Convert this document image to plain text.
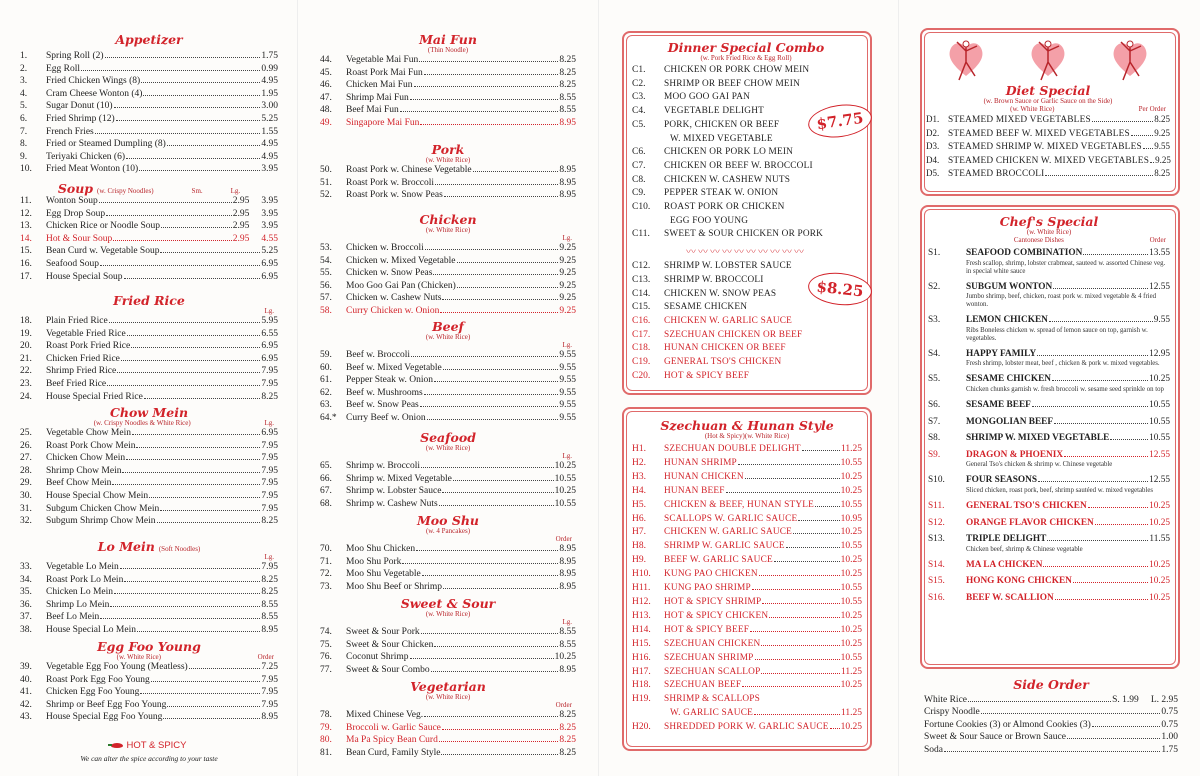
Appetizer
1.	Spring Roll (2)	1.75
2.	Egg Roll	0.99
3.	Fried Chicken Wings (8)	4.95
4.	Cram Cheese Wonton (4)	1.95
5.	Sugar Donut (10)	3.00
6.	Fried Shrimp (12)	5.25
7.	French Fries	1.55
8.	Fried or Steamed Dumpling (8)	4.95
9.	Teriyaki Chicken (6)	4.95
10.	Fried Meat Wonton (10)	3.95
Soup (w. Crispy Noodles)	Sm.	Lg.
11.	Wonton Soup	2.95 3.95
12.	Egg Drop Soup	2.95 3.95
13.	Chicken Rice or Noodle Soup	2.95 3.95
14.	Hot & Sour Soup	2.95 4.55
15.	Bean Curd w. Vegetable Soup	5.25
16.	Seafood Soup	6.95
17.	House Special Soup	6.95
Fried Rice
Lg.
18.	Plain Fried Rice	5.95
19.	Vegetable Fried Rice	6.55
20.	Roast Pork Fried Rice	6.95
21.	Chicken Fried Rice	6.95
22.	Shrimp Fried Rice	7.95
23.	Beef Fried Rice	7.95
24.	House Special Fried Rice	8.25
Chow Mein
(w. Crispy Noodles & White Rice)	Lg.
25.	Vegetable Chow Mein	6.95
26.	Roast Pork Chow Mein	7.95
27.	Chicken Chow Mein	7.95
28.	Shrimp Chow Mein	7.95
29.	Beef Chow Mein	7.95
30.	House Special Chow Mein	7.95
31.	Subgum Chicken Chow Mein	7.95
32.	Subgum Shrimp Chow Mein	8.25
Lo Mein (Soft Noodles)
Lg.
33.	Vegetable Lo Mein	7.95
34.	Roast Pork Lo Mein	8.25
35.	Chicken Lo Mein	8.25
36.	Shrimp Lo Mein	8.55
37.	Beef Lo Mein	8.55
38.	House Special Lo Mein	8.95
Egg Foo Young
(w. White Rice)	Order
39.	Vegetable Egg Foo Young (Meatless)	7.25
40.	Roast Pork Egg Foo Young	7.95
41.	Chicken Egg Foo Young	7.95
42.	Shrimp or Beef Egg Foo Young	7.95
43.	House Special Egg Foo Young	8.95
HOT & SPICY
We can alter the spice according to your taste
Mai Fun
(Thin Noodle)
44.	Vegetable Mai Fun	8.25
45.	Roast Pork Mai Fun	8.25
46.	Chicken Mai Fun	8.25
47.	Shrimp Mai Fun	8.55
48.	Beef Mai Fun	8.55
49.	Singapore Mai Fun	8.95
Pork
(w. White Rice)
50.	Roast Pork w. Chinese Vegetable	8.95
51.	Roast Pork w. Broccoli	8.95
52.	Roast Pork w. Snow Peas	8.95
Chicken
(w. White Rice)
Lg.
53.	Chicken w. Broccoli	9.25
54.	Chicken w. Mixed Vegetable	9.25
55.	Chicken w. Snow Peas	9.25
56.	Moo Goo Gai Pan (Chicken)	9.25
57.	Chicken w. Cashew Nuts	9.25
58.	Curry Chicken w. Onion	9.25
Beef
(w. White Rice)
Lg.
59.	Beef w. Broccoli	9.55
60.	Beef w. Mixed Vegetable	9.55
61.	Pepper Steak w. Onion	9.55
62.	Beef w. Mushrooms	9.55
63.	Beef w. Snow Peas	9.55
64.* Curry Beef w. Onion	9.55
Seafood
(w. White Rice)
Lg.
65.	Shrimp w. Broccoli	10.25
66.	Shrimp w. Mixed Vegetable	10.55
67.	Shrimp w. Lobster Sauce	10.25
68.	Shrimp w. Cashew Nuts	10.55
Moo Shu
(w. 4 Pancakes)
Order
70.	Moo Shu Chicken	8.95
71.	Moo Shu Pork	8.95
72.	Moo Shu Vegetable	8.95
73.	Moo Shu Beef or Shrimp	8.95
Sweet & Sour
(w. White Rice)
Lg.
74.	Sweet & Sour Pork	8.55
75.	Sweet & Sour Chicken	8.55
76.	Coconut Shrimp	10.25
77.	Sweet & Sour Combo	8.95
Vegetarian
(w. White Rice)
Order
78.	Mixed Chinese Veg.	8.25
79.	Broccoli w. Garlic Sauce	8.25
80.	Ma Pa Spicy Bean Curd	8.25
81.	Bean Curd, Family Style	8.25
Dinner Special Combo
(w. Pork Fried Rice & Egg Roll)
C1.	CHICKEN OR PORK CHOW MEIN
C2.	SHRIMP OR BEEF CHOW MEIN
C3.	MOO GOO GAI PAN
C4.	VEGETABLE DELIGHT
C5.	PORK, CHICKEN OR BEEF
W. MIXED VEGETABLE
C6.	CHICKEN OR PORK LO MEIN
C7.	CHICKEN OR BEEF W. BROCCOLI
C8.	CHICKEN W. CASHEW NUTS
C9.	PEPPER STEAK W. ONION
C10.	ROAST PORK OR CHICKEN
EGG FOO YOUNG
C11.	SWEET & SOUR CHICKEN OR PORK
〰〰〰〰〰〰〰〰〰〰
C12.	SHRIMP W. LOBSTER SAUCE
C13.	SHRIMP W. BROCCOLI
C14.	CHICKEN W. SNOW PEAS
C15.	SESAME CHICKEN
C16.	CHICKEN W. GARLIC SAUCE
C17.	SZECHUAN CHICKEN OR BEEF
C18.	HUNAN CHICKEN OR BEEF
C19.	GENERAL TSO'S CHICKEN
C20.	HOT & SPICY BEEF
$7.75
$8.25
Szechuan & Hunan Style
(Hot & Spicy)(w. White Rice)
H1.	SZECHUAN DOUBLE DELIGHT	11.25
H2.	HUNAN SHRIMP	10.55
H3.	HUNAN CHICKEN	10.25
H4.	HUNAN BEEF	10.25
H5.	CHICKEN & BEEF, HUNAN STYLE	10.55
H6.	SCALLOPS W. GARLIC SAUCE	10.95
H7.	CHICKEN W. GARLIC SAUCE	10.25
H8.	SHRIMP W. GARLIC SAUCE	10.55
H9.	BEEF W. GARLIC SAUCE	10.25
H10.	KUNG PAO CHICKEN	10.25
H11.	KUNG PAO SHRIMP	10.55
H12.	HOT & SPICY SHRIMP	10.55
H13.	HOT & SPICY CHICKEN	10.25
H14.	HOT & SPICY BEEF	10.25
H15.	SZECHUAN CHICKEN	10.25
H16.	SZECHUAN SHRIMP	10.55
H17.	SZECHUAN SCALLOP	11.25
H18.	SZECHUAN BEEF	10.25
H19.	SHRIMP & SCALLOPS
W. GARLIC SAUCE	11.25
H20.	SHREDDED PORK W. GARLIC SAUCE 10.25
Diet Special
(w. Brown Sauce or Garlic Sauce on the Side)
(w. White Rice)	Per Order
D1. STEAMED MIXED VEGETABLES	8.25
D2. STEAMED BEEF W. MIXED VEGETABLES	9.25
D3. STEAMED SHRIMP W. MIXED VEGETABLES 9.55
D4. STEAMED CHICKEN W. MIXED VEGETABLES 9.25
D5. STEAMED BROCCOLI	8.25
Chef's Special
(w. White Rice)
Cantonese Dishes	Order
S1.	SEAFOOD COMBINATION	13.55
Fresh scallop, shrimp, lobster crabmeat, sauteed w. assorted Chinese veg. in special white sauce
S2.	SUBGUM WONTON	12.55
Jumbo shrimp, beef, chicken, roast pork w. mixed vegetable & 4 fried wonton.
S3.	LEMON CHICKEN	9.55
Ribs Boneless chicken w. spread of lemon sauce on top, garnish w. vegetables.
S4.	HAPPY FAMILY	12.95
Fresh shrimp, lobster meat, beef , chicken & pork w. mixed vegetables.
S5.	SESAME CHICKEN	10.25
Chicken chunks garnish w. fresh broccoli w. sesame seed sprinkle on top
S6.	SESAME BEEF	10.55
S7.	MONGOLIAN BEEF	10.55
S8.	SHRIMP W. MIXED VEGETABLE	10.55
S9.	DRAGON & PHOENIX	12.55
General Tso's chicken & shrimp w. Chinese vegetable
S10.	FOUR SEASONS	12.55
Sliced chicken, roast pork, beef, shrimp sautéed w. mixed vegetables
S11.	GENERAL TSO'S CHICKEN	10.25
S12.	ORANGE FLAVOR CHICKEN	10.25
S13.	TRIPLE DELIGHT	11.55
Chicken beef, shrimp & Chinese vegetable
S14.	MA LA CHICKEN	10.25
S15.	HONG KONG CHICKEN	10.25
S16.	BEEF W. SCALLION	10.25
Side Order
White Rice	S. 1.99 L. 2.95
Crispy Noodle	0.75
Fortune Cookies (3) or Almond Cookies (3)	0.75
Sweet & Sour Sauce or Brown Sauce	1.00
Soda	1.75
